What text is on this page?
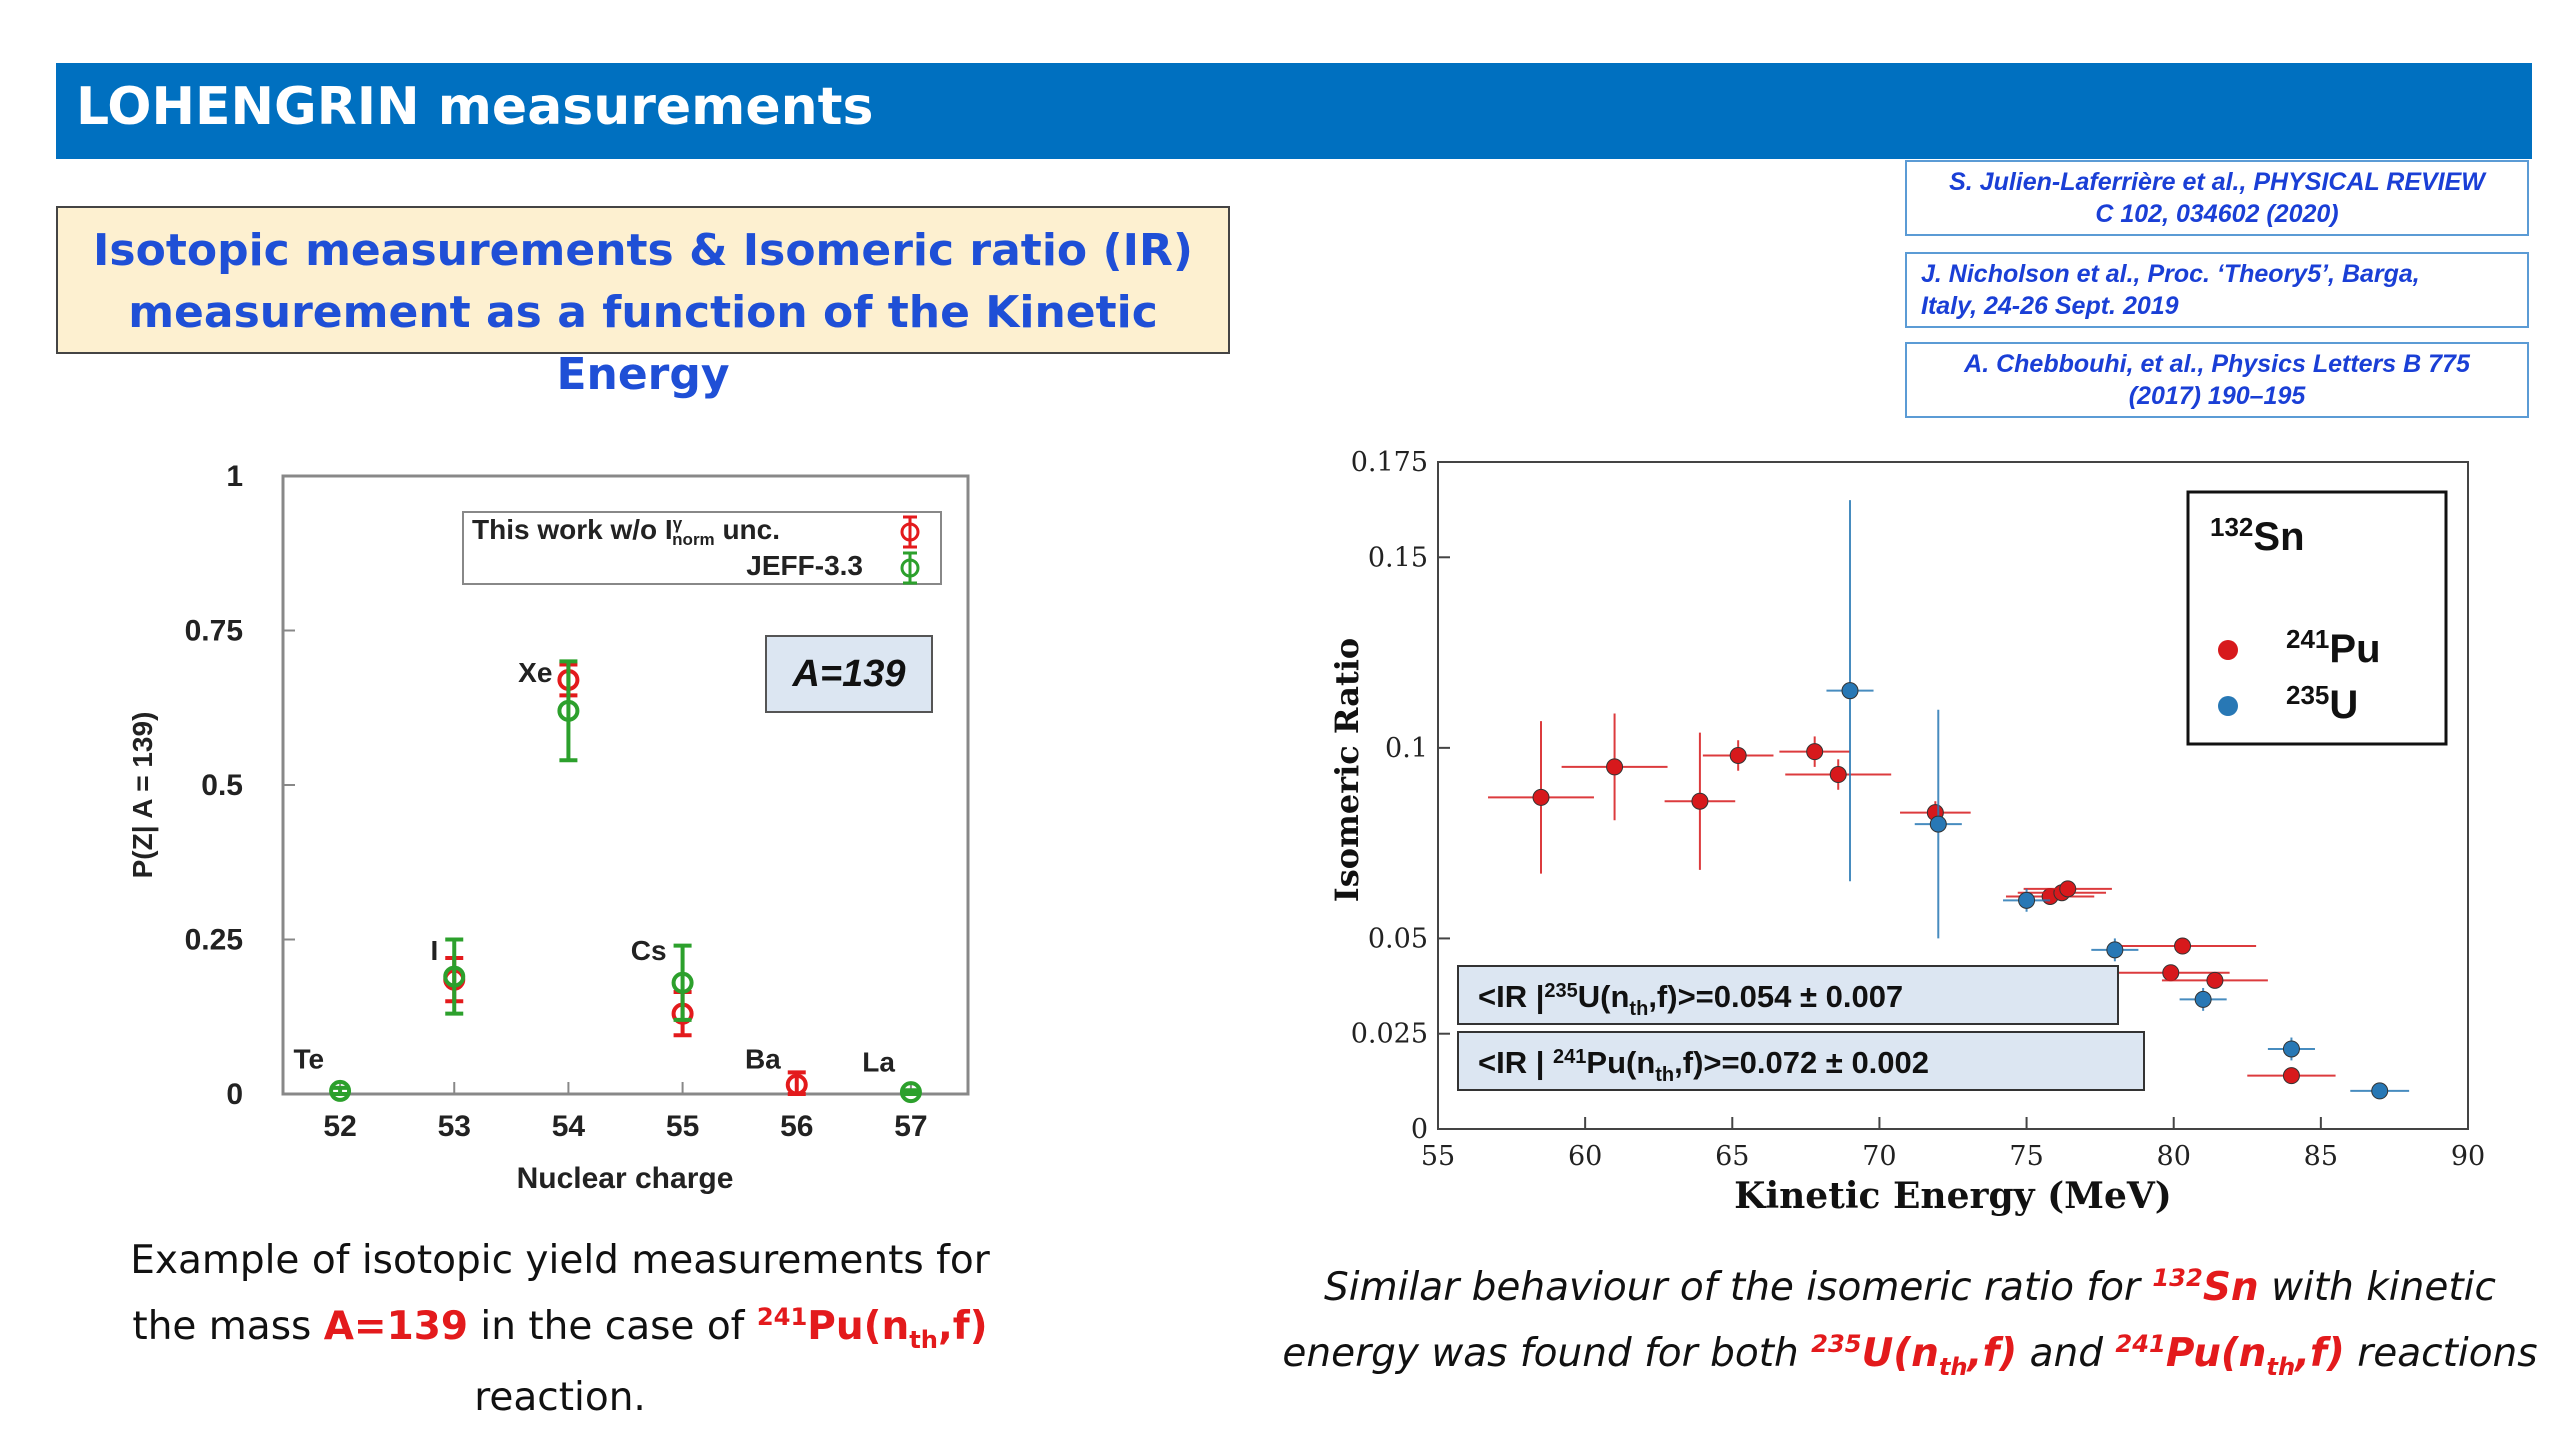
LOHENGRIN measurements
Isotopic measurements & Isomeric ratio (IR)
measurement as a function of the Kinetic Energy
S. Julien-Laferrière et al., PHYSICAL REVIEW
C 102, 034602 (2020)
J. Nicholson et al., Proc. ‘Theory5’, Barga,
Italy, 24-26 Sept. 2019
A. Chebbouhi, et al., Physics Letters B 775
(2017) 190–195
52	53	54	55	56	57
0
0.25
0.5
0.75
1
Te
I
Xe
Cs
Ba	La
This work w/o $I^\gamma$ norm unc.
JEFF-3.3
A=139
Nuclear charge
P(Z| A = 139)
55	60	65	70	75	80	85	90
0
0.025
0.05
0.1
0.15
0.175
$^{132}$Sn
$^{241}$Pu
$^{235}$U
<IR $|^{235}U(n_{th},f)>=0.054 \pm 0.007$
<IR | $^{241}Pu(n_{th},f)>=0.072 \pm 0.002$
Kinetic Energy (MeV)
Isomeric Ratio
Example of isotopic yield measurements for
the mass A=139 in the case of $^{241}Pu(n_{th},f)$
reaction.
Similar behaviour of the isomeric ratio for $^{132}$Sn with kinetic
energy was found for both $^{235}U(n_{th},f)$ and $^{241}Pu(n_{th},f)$ reactions
